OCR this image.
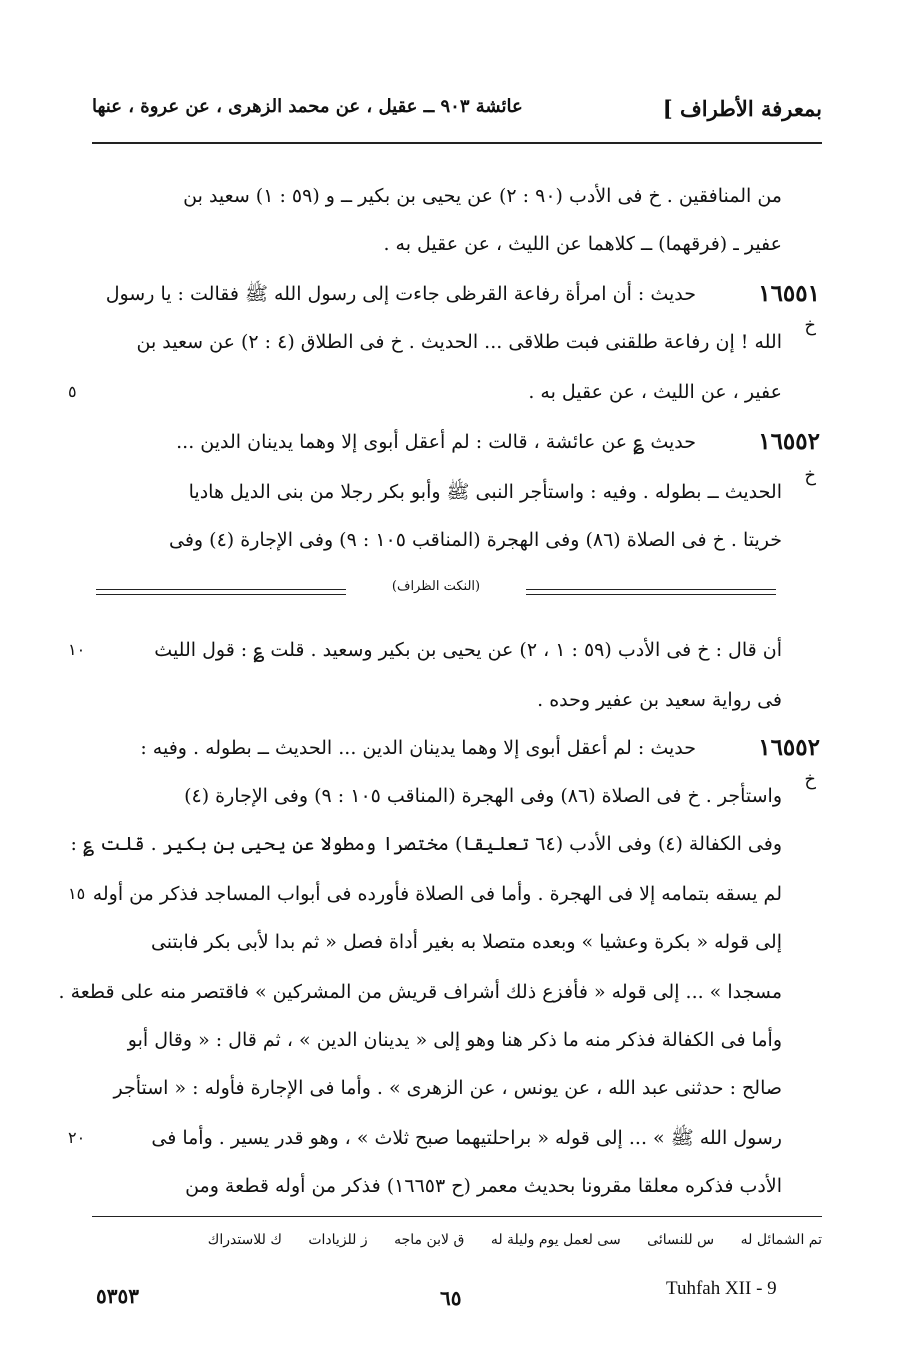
بمعرفة الأطراف ]
عائشة ٩٠٣ ــ عقيل ، عن محمد الزهرى ، عن عروة ، عنها
من المنافقين . خ فى الأدب (٩٠ : ٢) عن يحيى بن بكير ــ و (٥٩ : ١) سعيد بن
عفير ـ (فرقهما) ــ كلاهما عن الليث ، عن عقيل به .
١٦٥٥١
خ
حديث : أن امرأة رفاعة القرظى جاءت إلى رسول الله ﷺ فقالت : يا رسول
الله ! إن رفاعة طلقنى فبت طلاقى ... الحديث . خ فى الطلاق (٤ : ٢) عن سعيد بن
عفير ، عن الليث ، عن عقيل به .
٥
١٦٥٥٢
خ
حديث ؏ عن عائشة ، قالت : لم أعقل أبوى إلا وهما يدينان الدين ...
الحديث ــ بطوله . وفيه : واستأجر النبى ﷺ وأبو بكر رجلا من بنى الديل هاديا
خريتا . خ فى الصلاة (٨٦) وفى الهجرة (المناقب ١٠٥ : ٩) وفى الإجارة (٤) وفى
(النكت الظراف)
أن قال : خ فى الأدب (٥٩ : ١ ، ٢) عن يحيى بن بكير وسعيد . قلت ؏ : قول الليث
١٠
فى رواية سعيد بن عفير وحده .
١٦٥٥٢
خ
حديث : لم أعقل أبوى إلا وهما يدينان الدين ... الحديث ــ بطوله . وفيه :
واستأجر . خ فى الصلاة (٨٦) وفى الهجرة (المناقب ١٠٥ : ٩) وفى الإجارة (٤)
وفى الكفالة (٤) وفى الأدب (٦٤ تعليقا) مختصرا ومطولا عن يحيى بن بكير . قلت ؏ :
لم يسقه بتمامه إلا فى الهجرة . وأما فى الصلاة فأورده فى أبواب المساجد فذكر من أوله
١٥
إلى قوله « بكرة وعشيا » وبعده متصلا به بغير أداة فصل « ثم بدا لأبى بكر فابتنى
مسجدا » ... إلى قوله « فأفزع ذلك أشراف قريش من المشركين » فاقتصر منه على قطعة .
وأما فى الكفالة فذكر منه ما ذكر هنا وهو إلى « يدينان الدين » ، ثم قال : « وقال أبو
صالح : حدثنى عبد الله ، عن يونس ، عن الزهرى » . وأما فى الإجارة فأوله : « استأجر
رسول الله ﷺ » ... إلى قوله « براحلتيهما صبح ثلاث » ، وهو قدر يسير . وأما فى
٢٠
الأدب فذكره معلقا مقرونا بحديث معمر (ح ١٦٦٥٣) فذكر من أوله قطعة ومن
تم الشمائل له س للنسائى سى لعمل يوم وليلة له ق لابن ماجه ز للزيادات ك للاستدراك
٥٣٥٣	٦٥	Tuhfah XII - 9
